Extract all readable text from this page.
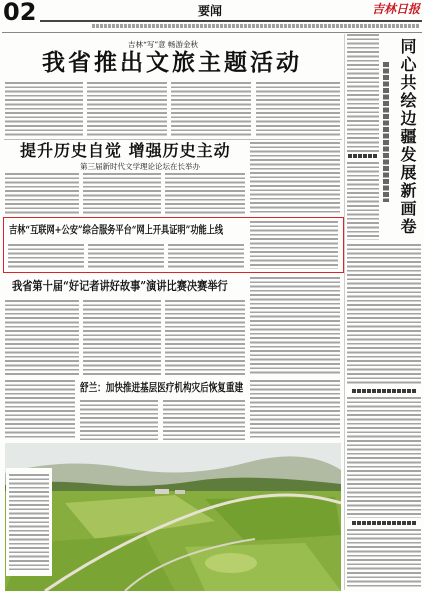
02	要闻	吉林日报
吉林“写”意 畅游金秋
我省推出文旅主题活动
提升历史自觉 增强历史主动
第三届新时代文学理论论坛在长举办
吉林“互联网+公安”综合服务平台“网上开具证明”功能上线
我省第十届“好记者讲好故事”演讲比赛决赛举行
舒兰：加快推进基层医疗机构灾后恢复重建
同心共绘边疆发展新画卷
